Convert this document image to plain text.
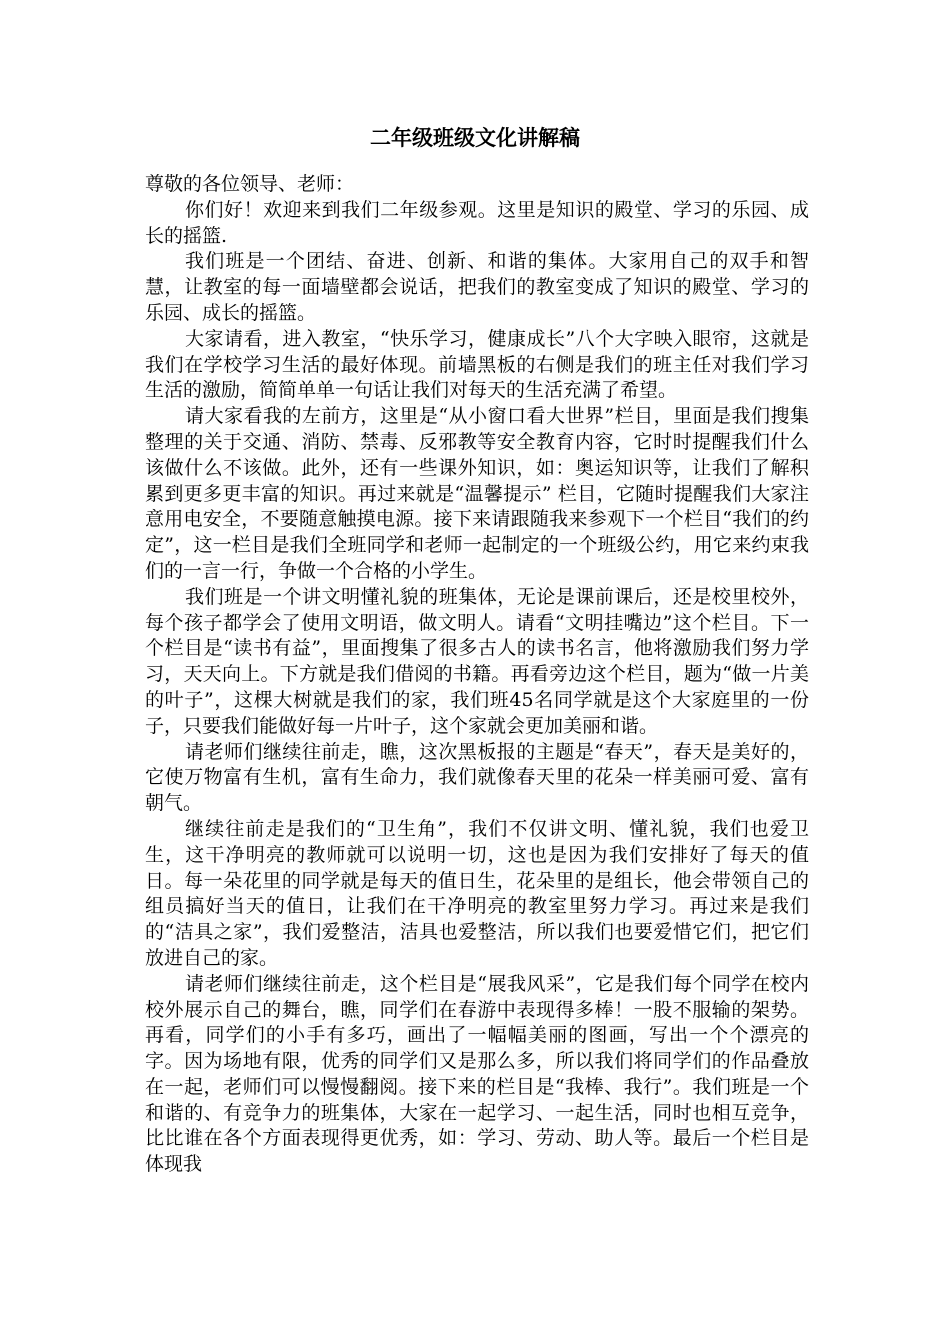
二年级班级文化讲解稿

尊敬的各位领导、老师：

你们好！欢迎来到我们二年级参观。这里是知识的殿堂、学习的乐园、成长的摇篮.

我们班是一个团结、奋进、创新、和谐的集体。大家用自己的双手和智慧，让教室的每一面墙壁都会说话，把我们的教室变成了知识的殿堂、学习的乐园、成长的摇篮。

大家请看，进入教室，“快乐学习，健康成长”八个大字映入眼帘，这就是我们在学校学习生活的最好体现。前墙黑板的右侧是我们的班主任对我们学习生活的激励，简简单单一句话让我们对每天的生活充满了希望。

请大家看我的左前方，这里是“从小窗口看大世界”栏目，里面是我们搜集整理的关于交通、消防、禁毒、反邪教等安全教育内容，它时时提醒我们什么该做什么不该做。此外，还有一些课外知识，如：奥运知识等，让我们了解积累到更多更丰富的知识。再过来就是“温馨提示” 栏目，它随时提醒我们大家注意用电安全，不要随意触摸电源。接下来请跟随我来参观下一个栏目“我们的约定”，这一栏目是我们全班同学和老师一起制定的一个班级公约，用它来约束我们的一言一行，争做一个合格的小学生。

我们班是一个讲文明懂礼貌的班集体，无论是课前课后，还是校里校外，每个孩子都学会了使用文明语，做文明人。请看“文明挂嘴边”这个栏目。下一个栏目是“读书有益”，里面搜集了很多古人的读书名言，他将激励我们努力学习，天天向上。下方就是我们借阅的书籍。再看旁边这个栏目，题为“做一片美的叶子”，这棵大树就是我们的家，我们班45名同学就是这个大家庭里的一份子，只要我们能做好每一片叶子，这个家就会更加美丽和谐。

请老师们继续往前走，瞧，这次黑板报的主题是“春天”，春天是美好的，它使万物富有生机，富有生命力，我们就像春天里的花朵一样美丽可爱、富有朝气。

继续往前走是我们的“卫生角”，我们不仅讲文明、懂礼貌，我们也爱卫生，这干净明亮的教师就可以说明一切，这也是因为我们安排好了每天的值日。每一朵花里的同学就是每天的值日生，花朵里的是组长，他会带领自己的组员搞好当天的值日，让我们在干净明亮的教室里努力学习。再过来是我们的“洁具之家”，我们爱整洁，洁具也爱整洁，所以我们也要爱惜它们，把它们放进自己的家。

请老师们继续往前走，这个栏目是“展我风采”，它是我们每个同学在校内校外展示自己的舞台，瞧，同学们在春游中表现得多棒！一股不服输的架势。再看，同学们的小手有多巧，画出了一幅幅美丽的图画，写出一个个漂亮的字。因为场地有限，优秀的同学们又是那么多，所以我们将同学们的作品叠放在一起，老师们可以慢慢翻阅。接下来的栏目是“我棒、我行”。我们班是一个和谐的、有竞争力的班集体，大家在一起学习、一起生活，同时也相互竞争，比比谁在各个方面表现得更优秀，如：学习、劳动、助人等。最后一个栏目是体现我
